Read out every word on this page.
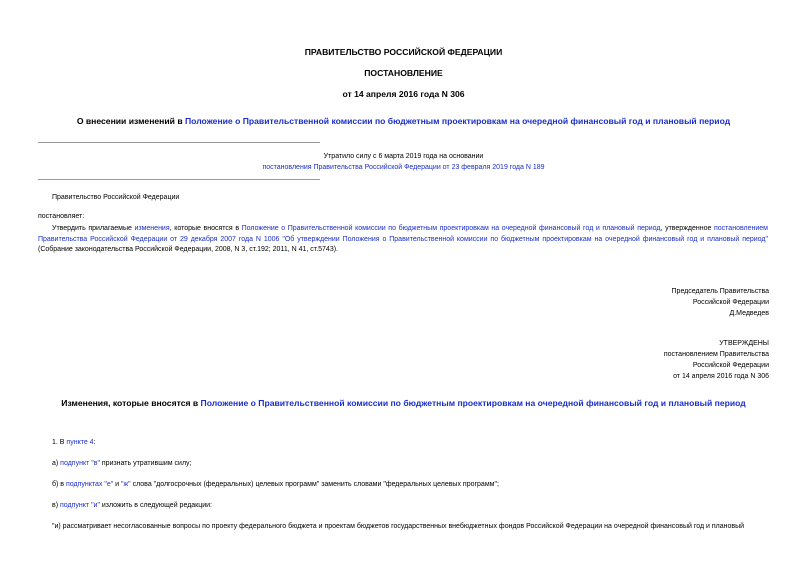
ПРАВИТЕЛЬСТВО РОССИЙСКОЙ ФЕДЕРАЦИИ
ПОСТАНОВЛЕНИЕ
от 14 апреля 2016 года N 306
О внесении изменений в Положение о Правительственной комиссии по бюджетным проектировкам на очередной финансовый год и плановый период
Утратило силу с 6 марта 2019 года на основании
постановления Правительства Российской Федерации от 23 февраля 2019 года N 189
Правительство Российской Федерации
постановляет:
Утвердить прилагаемые изменения, которые вносятся в Положение о Правительственной комиссии по бюджетным проектировкам на очередной финансовый год и плановый период, утвержденное постановлением Правительства Российской Федерации от 29 декабря 2007 года N 1006 "Об утверждении Положения о Правительственной комиссии по бюджетным проектировкам на очередной финансовый год и плановый период" (Собрание законодательства Российской Федерации, 2008, N 3, ст.192; 2011, N 41, ст.5743).
Председатель Правительства
Российской Федерации
Д.Медведев
УТВЕРЖДЕНЫ
постановлением Правительства
Российской Федерации
от 14 апреля 2016 года N 306
Изменения, которые вносятся в Положение о Правительственной комиссии по бюджетным проектировкам на очередной финансовый год и плановый период
1. В пункте 4:
а) подпункт "в" признать утратившим силу;
б) в подпунктах "е" и "ж" слова "долгосрочных (федеральных) целевых программ" заменить словами "федеральных целевых программ";
в) подпункт "и" изложить в следующей редакции:
"и) рассматривает несогласованные вопросы по проекту федерального бюджета и проектам бюджетов государственных внебюджетных фондов Российской Федерации на очередной финансовый год и плановый
